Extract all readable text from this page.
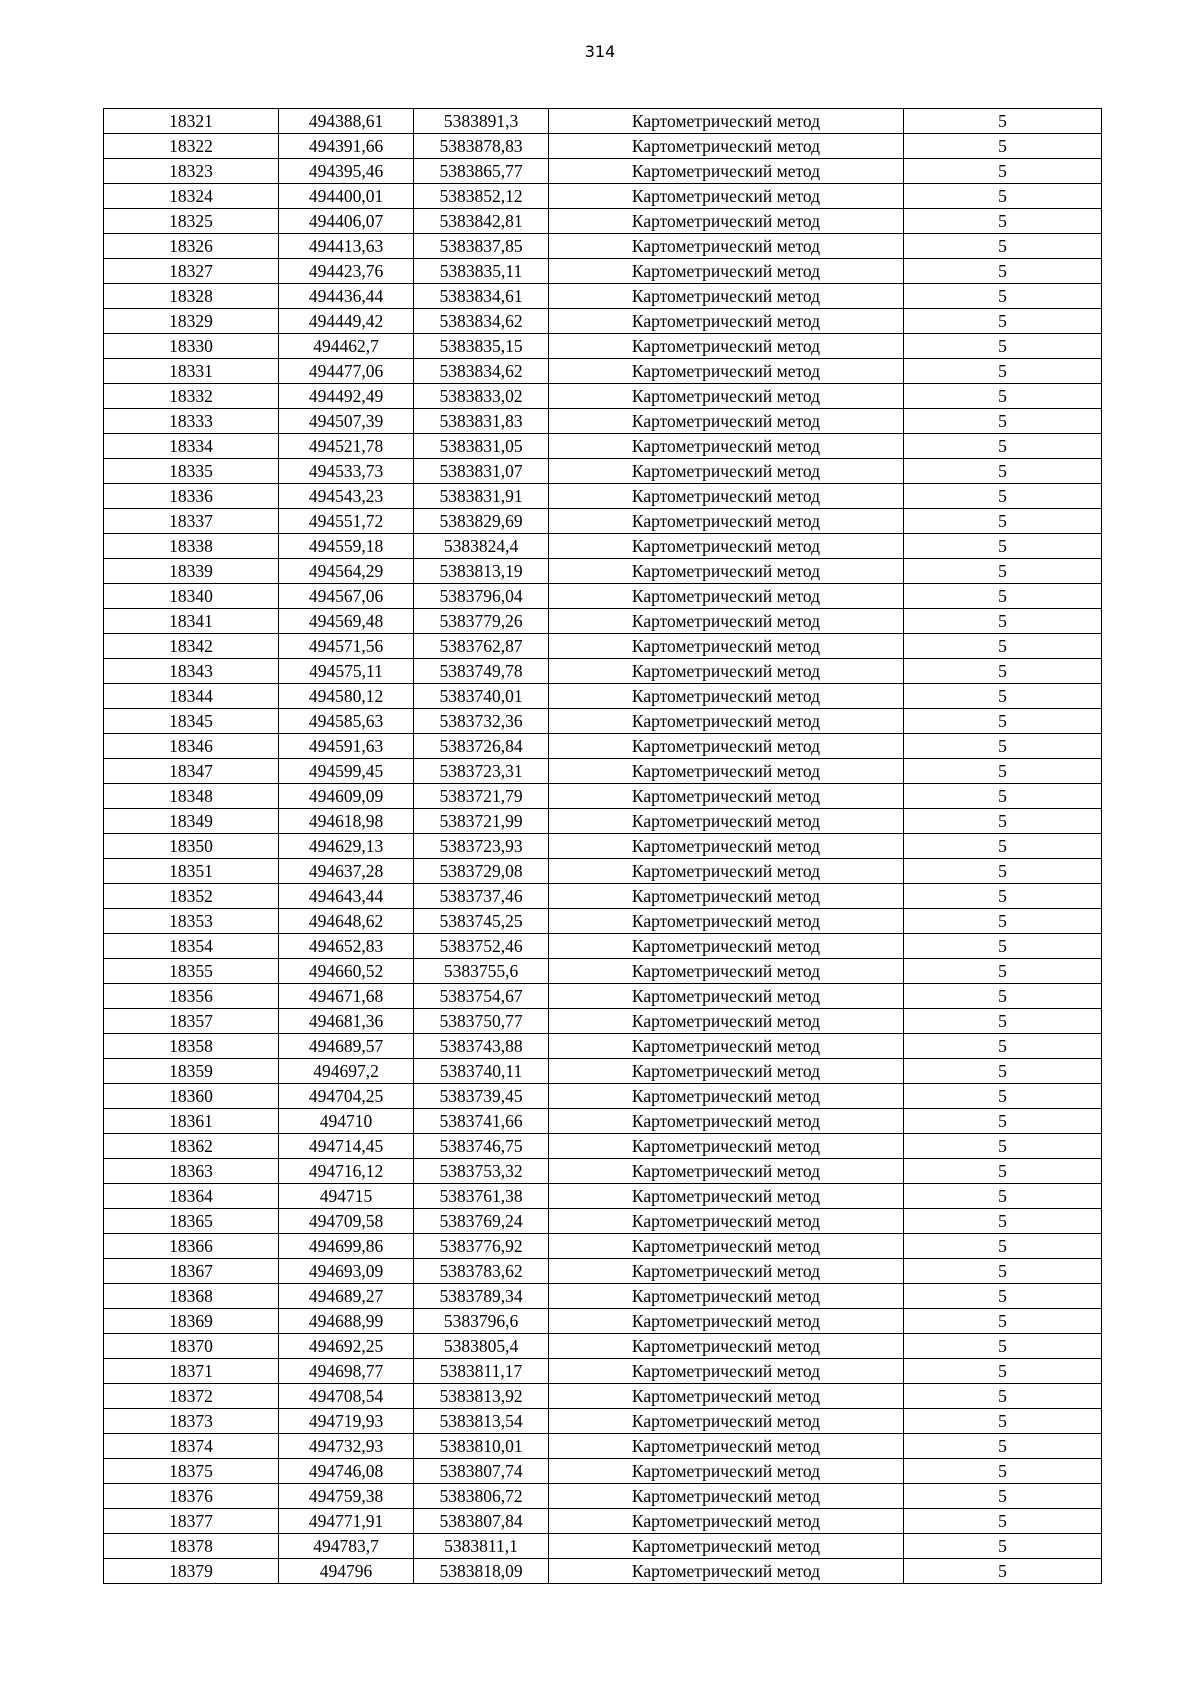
314
18321	494388,61	5383891,3	Картометрический метод	5
18322	494391,66	5383878,83	Картометрический метод	5
18323	494395,46	5383865,77	Картометрический метод	5
18324	494400,01	5383852,12	Картометрический метод	5
18325	494406,07	5383842,81	Картометрический метод	5
18326	494413,63	5383837,85	Картометрический метод	5
18327	494423,76	5383835,11	Картометрический метод	5
18328	494436,44	5383834,61	Картометрический метод	5
18329	494449,42	5383834,62	Картометрический метод	5
18330	494462,7	5383835,15	Картометрический метод	5
18331	494477,06	5383834,62	Картометрический метод	5
18332	494492,49	5383833,02	Картометрический метод	5
18333	494507,39	5383831,83	Картометрический метод	5
18334	494521,78	5383831,05	Картометрический метод	5
18335	494533,73	5383831,07	Картометрический метод	5
18336	494543,23	5383831,91	Картометрический метод	5
18337	494551,72	5383829,69	Картометрический метод	5
18338	494559,18	5383824,4	Картометрический метод	5
18339	494564,29	5383813,19	Картометрический метод	5
18340	494567,06	5383796,04	Картометрический метод	5
18341	494569,48	5383779,26	Картометрический метод	5
18342	494571,56	5383762,87	Картометрический метод	5
18343	494575,11	5383749,78	Картометрический метод	5
18344	494580,12	5383740,01	Картометрический метод	5
18345	494585,63	5383732,36	Картометрический метод	5
18346	494591,63	5383726,84	Картометрический метод	5
18347	494599,45	5383723,31	Картометрический метод	5
18348	494609,09	5383721,79	Картометрический метод	5
18349	494618,98	5383721,99	Картометрический метод	5
18350	494629,13	5383723,93	Картометрический метод	5
18351	494637,28	5383729,08	Картометрический метод	5
18352	494643,44	5383737,46	Картометрический метод	5
18353	494648,62	5383745,25	Картометрический метод	5
18354	494652,83	5383752,46	Картометрический метод	5
18355	494660,52	5383755,6	Картометрический метод	5
18356	494671,68	5383754,67	Картометрический метод	5
18357	494681,36	5383750,77	Картометрический метод	5
18358	494689,57	5383743,88	Картометрический метод	5
18359	494697,2	5383740,11	Картометрический метод	5
18360	494704,25	5383739,45	Картометрический метод	5
18361	494710	5383741,66	Картометрический метод	5
18362	494714,45	5383746,75	Картометрический метод	5
18363	494716,12	5383753,32	Картометрический метод	5
18364	494715	5383761,38	Картометрический метод	5
18365	494709,58	5383769,24	Картометрический метод	5
18366	494699,86	5383776,92	Картометрический метод	5
18367	494693,09	5383783,62	Картометрический метод	5
18368	494689,27	5383789,34	Картометрический метод	5
18369	494688,99	5383796,6	Картометрический метод	5
18370	494692,25	5383805,4	Картометрический метод	5
18371	494698,77	5383811,17	Картометрический метод	5
18372	494708,54	5383813,92	Картометрический метод	5
18373	494719,93	5383813,54	Картометрический метод	5
18374	494732,93	5383810,01	Картометрический метод	5
18375	494746,08	5383807,74	Картометрический метод	5
18376	494759,38	5383806,72	Картометрический метод	5
18377	494771,91	5383807,84	Картометрический метод	5
18378	494783,7	5383811,1	Картометрический метод	5
18379	494796	5383818,09	Картометрический метод	5
